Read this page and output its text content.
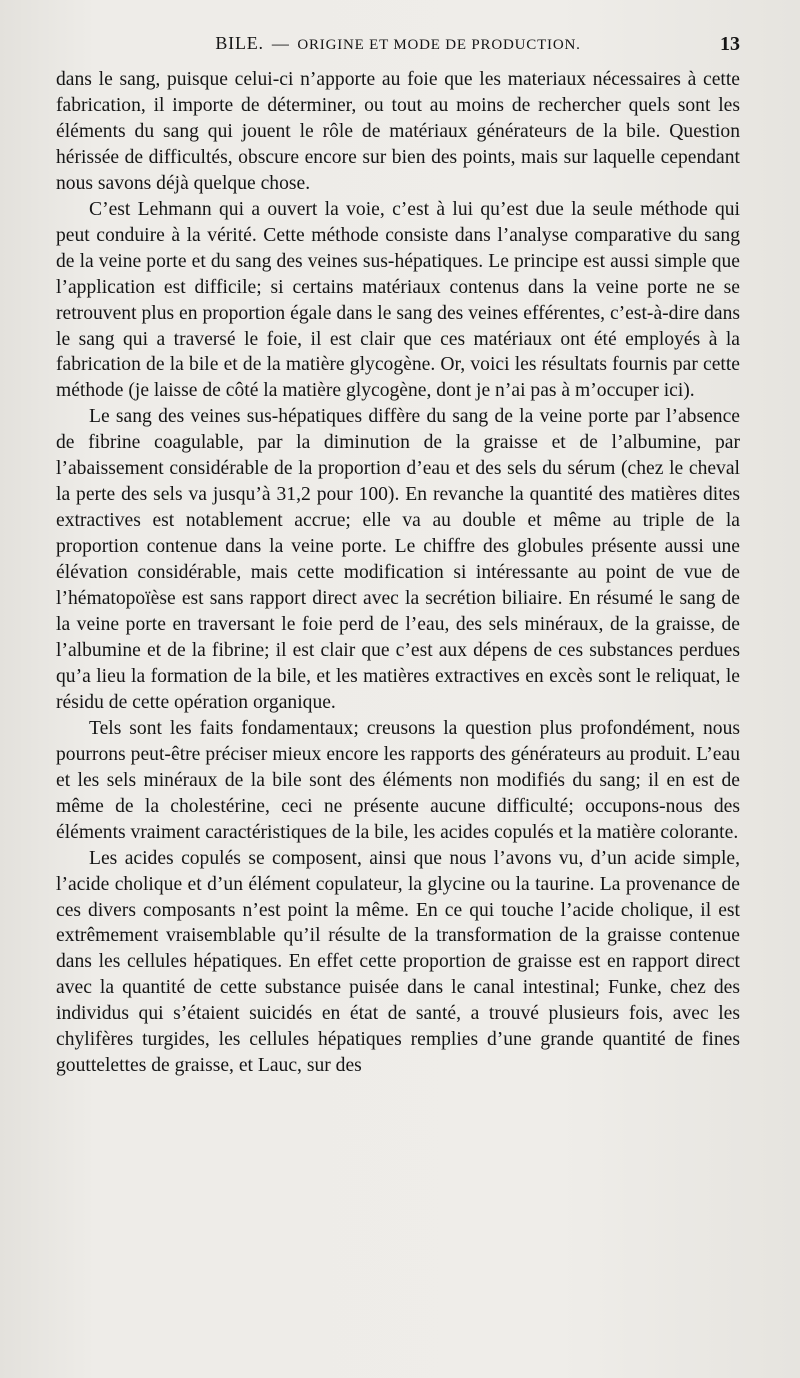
BILE. — ORIGINE ET MODE DE PRODUCTION.	13

dans le sang, puisque celui-ci n’apporte au foie que les materiaux nécessaires à cette fabrication, il importe de déterminer, ou tout au moins de rechercher quels sont les éléments du sang qui jouent le rôle de matériaux générateurs de la bile. Question hérissée de difficultés, obscure encore sur bien des points, mais sur laquelle cependant nous savons déjà quelque chose.

C’est Lehmann qui a ouvert la voie, c’est à lui qu’est due la seule méthode qui peut conduire à la vérité. Cette méthode consiste dans l’analyse comparative du sang de la veine porte et du sang des veines sus-hépatiques. Le principe est aussi simple que l’application est difficile; si certains matériaux contenus dans la veine porte ne se retrouvent plus en proportion égale dans le sang des veines efférentes, c’est-à-dire dans le sang qui a traversé le foie, il est clair que ces matériaux ont été employés à la fabrication de la bile et de la matière glycogène. Or, voici les résultats fournis par cette méthode (je laisse de côté la matière glycogène, dont je n’ai pas à m’occuper ici).

Le sang des veines sus-hépatiques diffère du sang de la veine porte par l’absence de fibrine coagulable, par la diminution de la graisse et de l’albumine, par l’abaissement considérable de la proportion d’eau et des sels du sérum (chez le cheval la perte des sels va jusqu’à 31,2 pour 100). En revanche la quantité des matières dites extractives est notablement accrue; elle va au double et même au triple de la proportion contenue dans la veine porte. Le chiffre des globules présente aussi une élévation considérable, mais cette modification si intéressante au point de vue de l’hématopoïèse est sans rapport direct avec la secrétion biliaire. En résumé le sang de la veine porte en traversant le foie perd de l’eau, des sels minéraux, de la graisse, de l’albumine et de la fibrine; il est clair que c’est aux dépens de ces substances perdues qu’a lieu la formation de la bile, et les matières extractives en excès sont le reliquat, le résidu de cette opération organique.

Tels sont les faits fondamentaux; creusons la question plus profondément, nous pourrons peut-être préciser mieux encore les rapports des générateurs au produit. L’eau et les sels minéraux de la bile sont des éléments non modifiés du sang; il en est de même de la cholestérine, ceci ne présente aucune difficulté; occupons-nous des éléments vraiment caractéristiques de la bile, les acides copulés et la matière colorante.

Les acides copulés se composent, ainsi que nous l’avons vu, d’un acide simple, l’acide cholique et d’un élément copulateur, la glycine ou la taurine. La provenance de ces divers composants n’est point la même. En ce qui touche l’acide cholique, il est extrêmement vraisemblable qu’il résulte de la transformation de la graisse contenue dans les cellules hépatiques. En effet cette proportion de graisse est en rapport direct avec la quantité de cette substance puisée dans le canal intestinal; Funke, chez des individus qui s’étaient suicidés en état de santé, a trouvé plusieurs fois, avec les chylifères turgides, les cellules hépatiques remplies d’une grande quantité de fines gouttelettes de graisse, et Lauc, sur des
